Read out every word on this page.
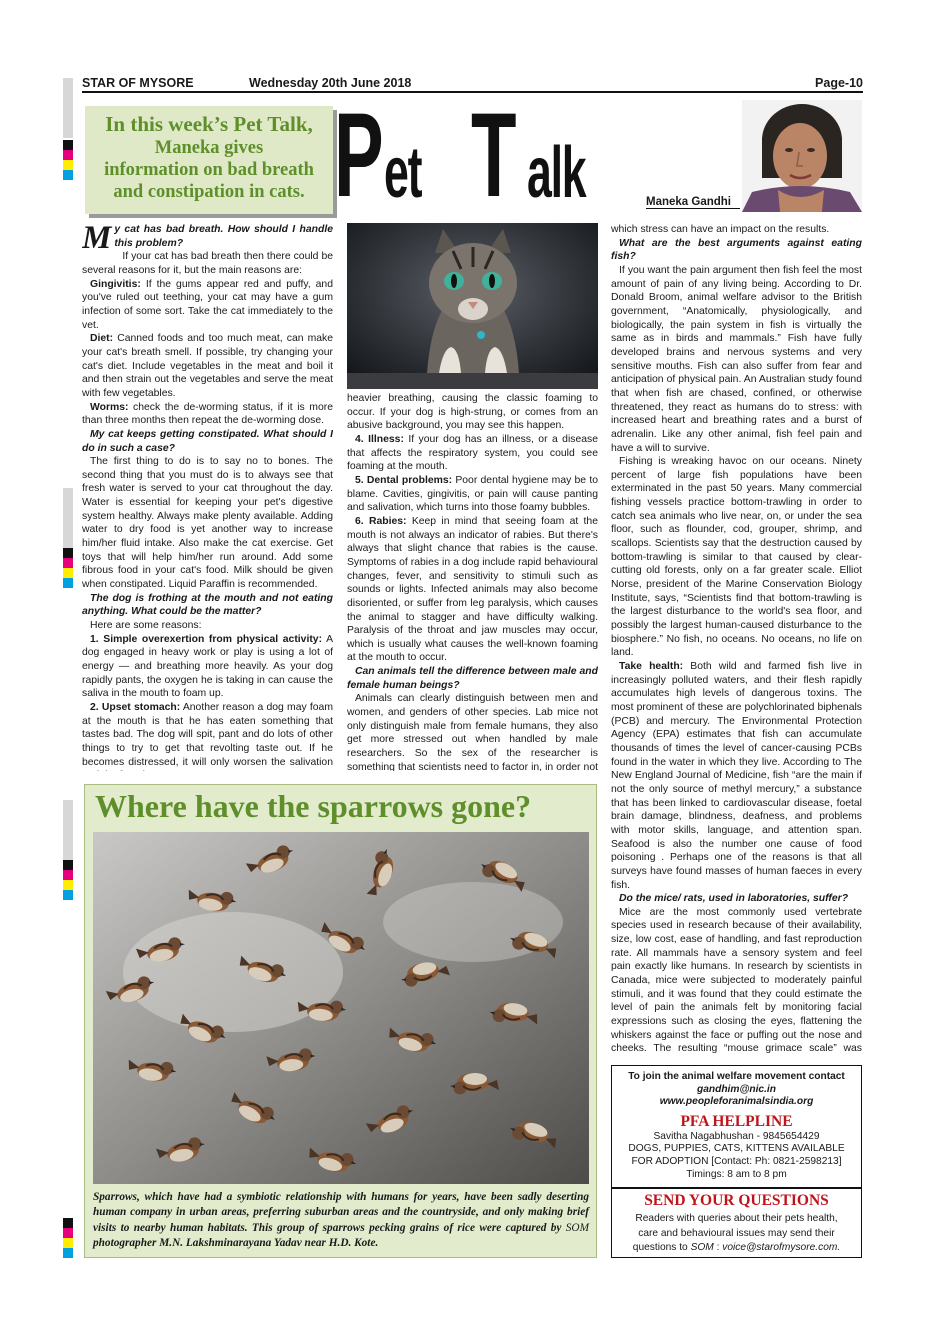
STAR OF MYSORE	Wednesday 20th June 2018	Page-10
In this week’s Pet Talk,
Maneka gives
information on bad breath
and constipation in cats. P et T alk	Maneka Gandhi

My cat has bad breath. How should I handle this problem?

If your cat has bad breath then there could be several reasons for it, but the main reasons are:

Gingivitis: If the gums appear red and puffy, and you've ruled out teething, your cat may have a gum infection of some sort. Take the cat immediately to the vet.

Diet: Canned foods and too much meat, can make your cat's breath smell. If possible, try changing your cat's diet. Include vegetables in the meat and boil it and then strain out the vegetables and serve the meat with few vegetables.

Worms: check the de-worming status, if it is more than three months then repeat the de-worming dose.

My cat keeps getting constipated. What should I do in such a case?

The first thing to do is to say no to bones. The second thing that you must do is to always see that fresh water is served to your cat throughout the day. Water is essential for keeping your pet's digestive system healthy. Always make plenty available. Adding water to dry food is yet another way to increase him/her fluid intake. Also make the cat exercise. Get toys that will help him/her run around. Add some fibrous food in your cat's food. Milk should be given when constipated. Liquid Paraffin is recommended.

The dog is frothing at the mouth and not eating anything. What could be the matter?

Here are some reasons:

1. Simple overexertion from physical activity: A dog engaged in heavy work or play is using a lot of energy — and breathing more heavily. As your dog rapidly pants, the oxygen he is taking in can cause the saliva in the mouth to foam up.

2. Upset stomach: Another reason a dog may foam at the mouth is that he has eaten something that tastes bad. The dog will spit, pant and do lots of other things to try to get that revolting taste out. If he becomes distressed, it will only worsen the salivation

heavier breathing, causing the classic foaming to occur. If your dog is high-strung, or comes from an abusive background, you may see this happen.

4. Illness: If your dog has an illness, or a disease that affects the respiratory system, you could see foaming at the mouth.

5. Dental problems: Poor dental hygiene may be to blame. Cavities, gingivitis, or pain will cause panting and salivation, which turns into those foamy bubbles.

6. Rabies: Keep in mind that seeing foam at the mouth is not always an indicator of rabies. But there's always that slight chance that rabies is the cause. Symptoms of rabies in a dog include rapid behavioural changes, fever, and sensitivity to stimuli such as sounds or lights. Infected animals may also become disoriented, or suffer from leg paralysis, which causes the animal to stagger and have difficulty walking. Paralysis of the throat and jaw muscles may occur, which is usually what causes the well-known foaming at the mouth to occur.

Can animals tell the difference between male and female human beings?

Animals can clearly distinguish between men and women, and genders of other species. Lab mice not only distinguish male from female humans, they also get more stressed out when handled by male researchers. So the sex of the researcher is something that scientists need to factor in, in order not

which stress can have an impact on the results.

What are the best arguments against eating fish?

If you want the pain argument then fish feel the most amount of pain of any living being. According to Dr. Donald Broom, animal welfare advisor to the British government, “Anatomically, physiologically, and biologically, the pain system in fish is virtually the same as in birds and mammals.” Fish have fully developed brains and nervous systems and very sensitive mouths. Fish can also suffer from fear and anticipation of physical pain. An Australian study found that when fish are chased, confined, or otherwise threatened, they react as humans do to stress: with increased heart and breathing rates and a burst of adrenalin. Like any other animal, fish feel pain and have a will to survive.

Fishing is wreaking havoc on our oceans. Ninety percent of large fish populations have been exterminated in the past 50 years. Many commercial fishing vessels practice bottom-trawling in order to catch sea animals who live near, on, or under the sea floor, such as flounder, cod, grouper, shrimp, and scallops. Scientists say that the destruction caused by bottom-trawling is similar to that caused by clear-cutting old forests, only on a far greater scale. Elliot Norse, president of the Marine Conservation Biology Institute, says, “Scientists find that bottom-trawling is the largest disturbance to the world's sea floor, and possibly the largest human-caused disturbance to the biosphere.” No fish, no oceans. No oceans, no life on land.

Take health: Both wild and farmed fish live in increasingly polluted waters, and their flesh rapidly accumulates high levels of dangerous toxins. The most prominent of these are polychlorinated biphenals (PCB) and mercury. The Environmental Protection Agency (EPA) estimates that fish can accumulate thousands of times the level of cancer-causing PCBs found in the water in which they live. According to The New England Journal of Medicine, fish “are the main if not the only source of methyl mercury,” a substance that has been linked to cardiovascular disease, foetal brain damage, blindness, deafness, and problems with motor skills, language, and attention span. Seafood is also the number one cause of food poisoning . Perhaps one of the reasons is that all surveys have found masses of human faeces in every fish.

Do the mice/ rats, used in laboratories, suffer?

Mice are the most commonly used vertebrate species used in research because of their availability, size, low cost, ease of handling, and fast reproduction rate. All mammals have a sensory system and feel pain exactly like humans. In research by scientists in Canada, mice were subjected to moderately painful stimuli, and it was found that they could estimate the level of pain the animals felt by monitoring facial expressions such as closing the eyes, flattening the whiskers against the face or puffing out the nose and cheeks. The resulting “mouse grimace scale” was

Where have the sparrows gone?
Sparrows, which have had a symbiotic relationship with humans for years, have been sadly deserting human company in urban areas, preferring suburban areas and the countryside, and only making brief visits to nearby human habitats. This group of sparrows pecking grains of rice were captured by SOM photographer M.N. Lakshminarayana Yadav near H.D. Kote.
To join the animal welfare movement contact
gandhim@nic.in
www.peopleforanimalsindia.org
PFA HELPLINE
Savitha Nagabhushan - 9845654429
DOGS, PUPPIES, CATS, KITTENS AVAILABLE
FOR ADOPTION [Contact: Ph: 0821-2598213]
Timings: 8 am to 8 pm
SEND YOUR QUESTIONS
Readers with queries about their pets health,
care and behavioural issues may send their
questions to SOM : voice@starofmysore.com.
